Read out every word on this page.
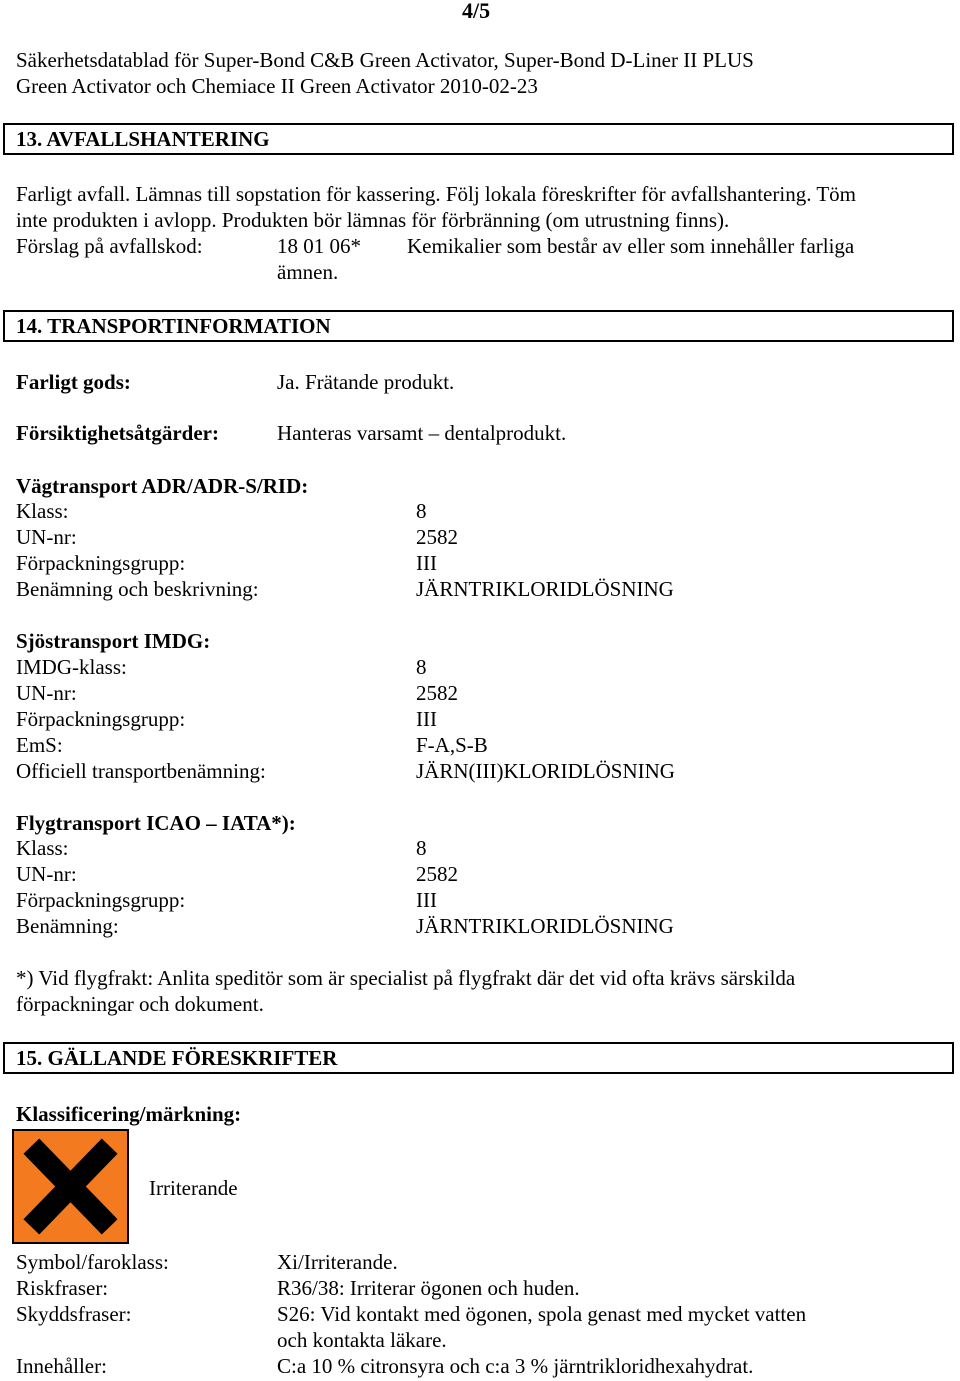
4/5
Säkerhetsdatablad för Super-Bond C&B Green Activator, Super-Bond D-Liner II PLUS
Green Activator och Chemiace II Green Activator 2010-02-23
13. AVFALLSHANTERING
Farligt avfall. Lämnas till sopstation för kassering. Följ lokala föreskrifter för avfallshantering. Töm
inte produkten i avlopp. Produkten bör lämnas för förbränning (om utrustning finns).
Förslag på avfallskod:	18 01 06* Kemikalier som består av eller som innehåller farliga
ämnen.
14. TRANSPORTINFORMATION
Farligt gods:	Ja. Frätande produkt.
Försiktighetsåtgärder:	Hanteras varsamt – dentalprodukt.
Vägtransport ADR/ADR-S/RID:
Klass:	8
UN-nr:	2582
Förpackningsgrupp:	III
Benämning och beskrivning:	JÄRNTRIKLORIDLÖSNING
Sjöstransport IMDG:
IMDG-klass:	8
UN-nr:	2582
Förpackningsgrupp:	III
EmS:	F-A,S-B
Officiell transportbenämning:	JÄRN(III)KLORIDLÖSNING
Flygtransport ICAO – IATA*):
Klass:	8
UN-nr:	2582
Förpackningsgrupp:	III
Benämning:	JÄRNTRIKLORIDLÖSNING
*) Vid flygfrakt: Anlita speditör som är specialist på flygfrakt där det vid ofta krävs särskilda
förpackningar och dokument.
15. GÄLLANDE FÖRESKRIFTER
Klassificering/märkning:
Irriterande
Symbol/faroklass:	Xi/Irriterande.
Riskfraser:	R36/38: Irriterar ögonen och huden.
Skyddsfraser:	S26: Vid kontakt med ögonen, spola genast med mycket vatten
och kontakta läkare.
Innehåller:	C:a 10 % citronsyra och c:a 3 % järntrikloridhexahydrat.
